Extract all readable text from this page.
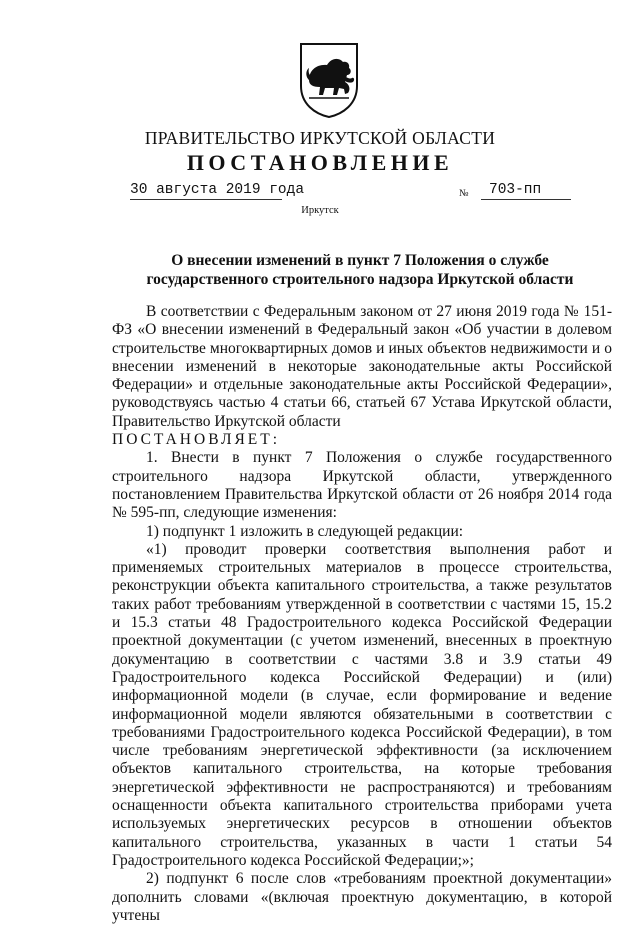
ПРАВИТЕЛЬСТВО ИРКУТСКОЙ ОБЛАСТИ
ПОСТАНОВЛЕНИЕ
30 августа 2019 года	№	703-пп
Иркутск
О внесении изменений в пункт 7 Положения о службе государственного строительного надзора Иркутской области

В соответствии с Федеральным законом от 27 июня 2019 года № 151-ФЗ «О внесении изменений в Федеральный закон «Об участии в долевом строительстве многоквартирных домов и иных объектов недвижимости и о внесении изменений в некоторые законодательные акты Российской Федерации» и отдельные законодательные акты Российской Федерации», руководствуясь частью 4 статьи 66, статьей 67 Устава Иркутской области, Правительство Иркутской области

ПОСТАНОВЛЯЕТ:

1. Внести в пункт 7 Положения о службе государственного строительного надзора Иркутской области, утвержденного постановлением Правительства Иркутской области от 26 ноября 2014 года № 595-пп, следующие изменения:

1) подпункт 1 изложить в следующей редакции:

«1) проводит проверки соответствия выполнения работ и применяемых строительных материалов в процессе строительства, реконструкции объекта капитального строительства, а также результатов таких работ требованиям утвержденной в соответствии с частями 15, 15.2 и 15.3 статьи 48 Градостроительного кодекса Российской Федерации проектной документации (с учетом изменений, внесенных в проектную документацию в соответствии с частями 3.8 и 3.9 статьи 49 Градостроительного кодекса Российской Федерации) и (или) информационной модели (в случае, если формирование и ведение информационной модели являются обязательными в соответствии с требованиями Градостроительного кодекса Российской Федерации), в том числе требованиям энергетической эффективности (за исключением объектов капитального строительства, на которые требования энергетической эффективности не распространяются) и требованиям оснащенности объекта капитального строительства приборами учета используемых энергетических ресурсов в отношении объектов капитального строительства, указанных в части 1 статьи 54 Градостроительного кодекса Российской Федерации;»;

2) подпункт 6 после слов «требованиям проектной документации» дополнить словами «(включая проектную документацию, в которой учтены
